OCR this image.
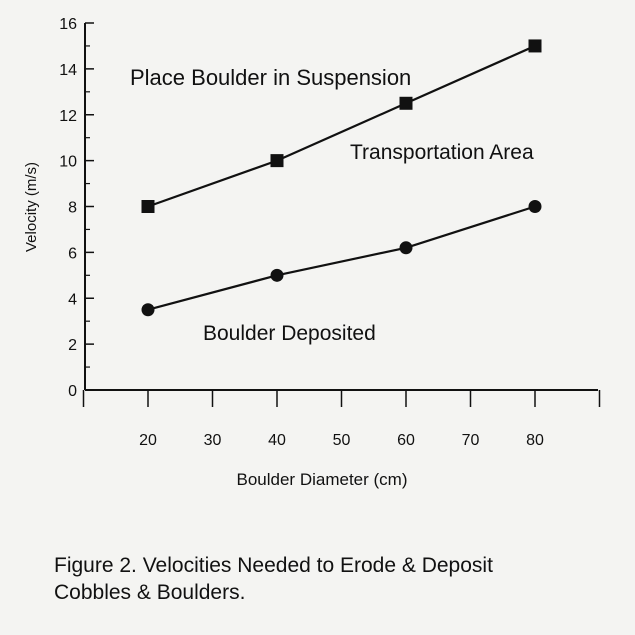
0
2
4
6
8
10
12
14
16
20	30	40	50	60	70	80
Place Boulder in Suspension
Transportation Area
Boulder Deposited
Boulder Diameter (cm)
Velocity (m/s)
Figure 2. Velocities Needed to Erode & Deposit
Cobbles & Boulders.
